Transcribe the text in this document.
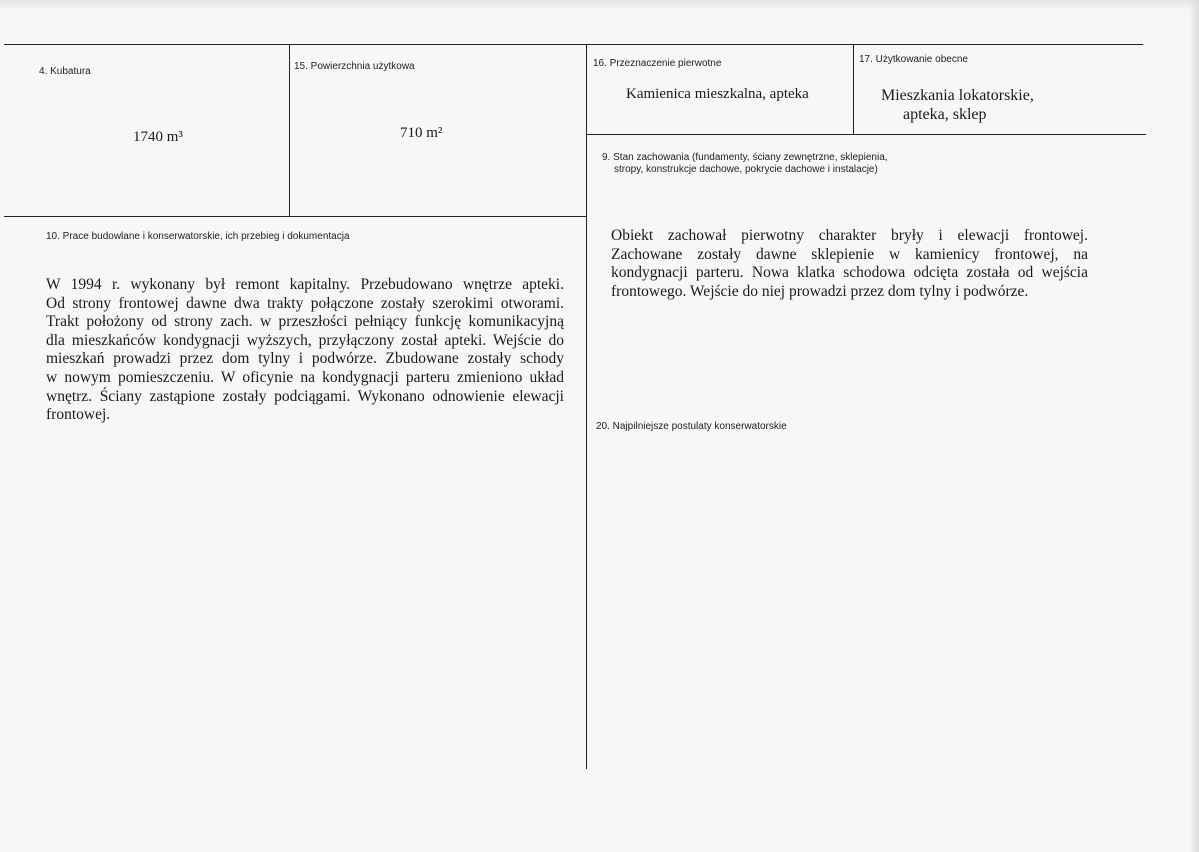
4. Kubatura
1740 m³
15. Powierzchnia użytkowa
710 m²
16. Przeznaczenie pierwotne
Kamienica mieszkalna, apteka
17. Użytkowanie obecne
Mieszkania lokatorskie,
apteka, sklep
9. Stan zachowania (fundamenty, ściany zewnętrzne, sklepienia,
stropy, konstrukcje dachowe, pokrycie dachowe i instalacje)
Obiekt zachował pierwotny charakter bryły i elewacji frontowej.
Zachowane zostały dawne sklepienie w kamienicy frontowej, na
kondygnacji parteru. Nowa klatka schodowa odcięta została od wejścia
frontowego. Wejście do niej prowadzi przez dom tylny i podwórze.
10. Prace budowlane i konserwatorskie, ich przebieg i dokumentacja
W 1994 r. wykonany był remont kapitalny. Przebudowano wnętrze apteki.
Od strony frontowej dawne dwa trakty połączone zostały szerokimi otworami.
Trakt położony od strony zach. w przeszłości pełniący funkcję komunikacyjną
dla mieszkańców kondygnacji wyższych, przyłączony został apteki. Wejście do
mieszkań prowadzi przez dom tylny i podwórze. Zbudowane zostały schody
w nowym pomieszczeniu. W oficynie na kondygnacji parteru zmieniono układ
wnętrz. Ściany zastąpione zostały podciągami. Wykonano odnowienie elewacji
frontowej.
20. Najpilniejsze postulaty konserwatorskie
